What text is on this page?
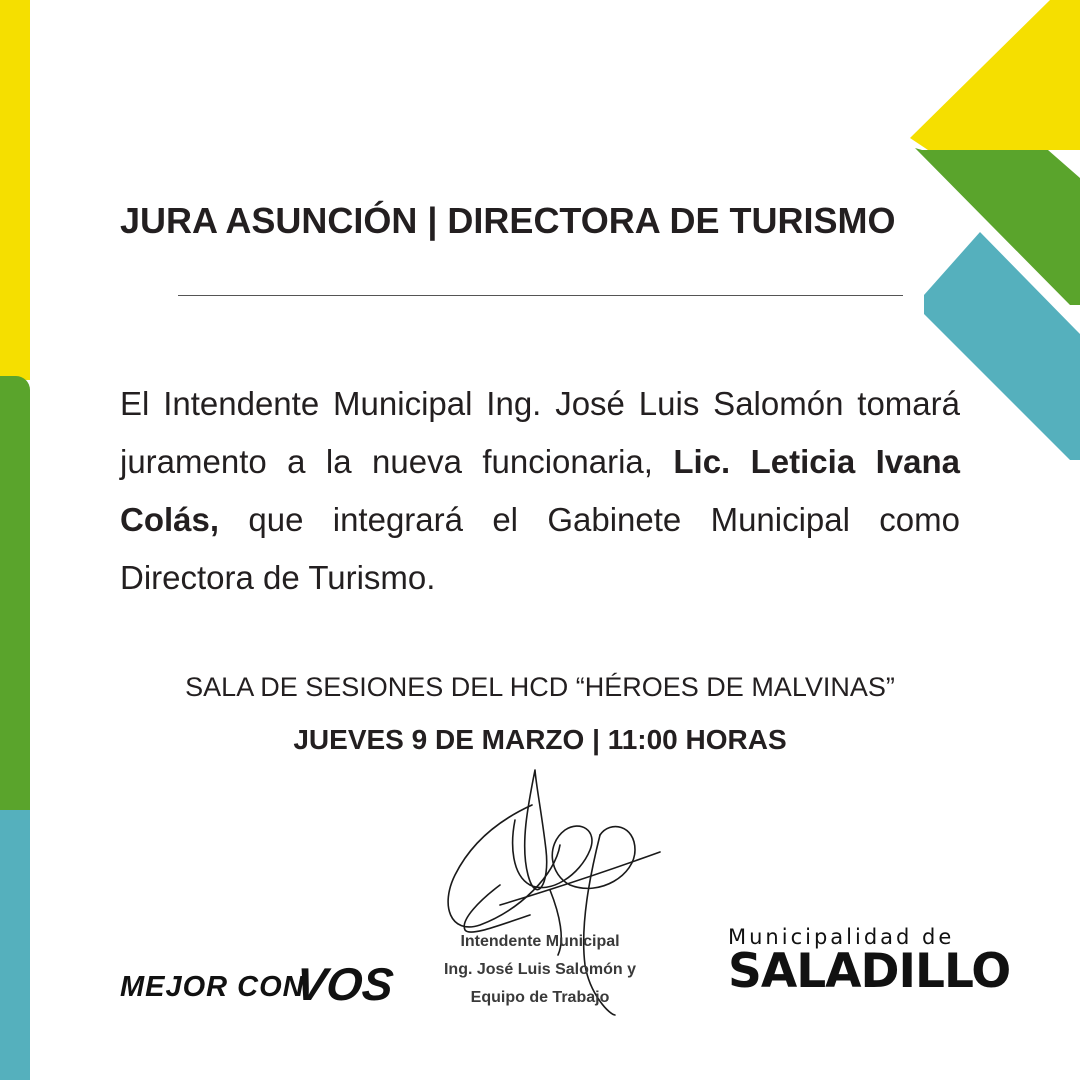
JURA ASUNCIÓN | DIRECTORA DE TURISMO

El Intendente Municipal Ing. José Luis Salomón tomará juramento a la nueva funcionaria, Lic. Leticia Ivana Colás, que integrará el Gabinete Municipal como Directora de Turismo.

SALA DE SESIONES DEL HCD “HÉROES DE MALVINAS”

JUEVES 9 DE MARZO | 11:00 HORAS

Intendente Municipal
Ing. José Luis Salomón y
Equipo de Trabajo
MEJOR CON
VOS
Municipalidad de
SALADILLO
